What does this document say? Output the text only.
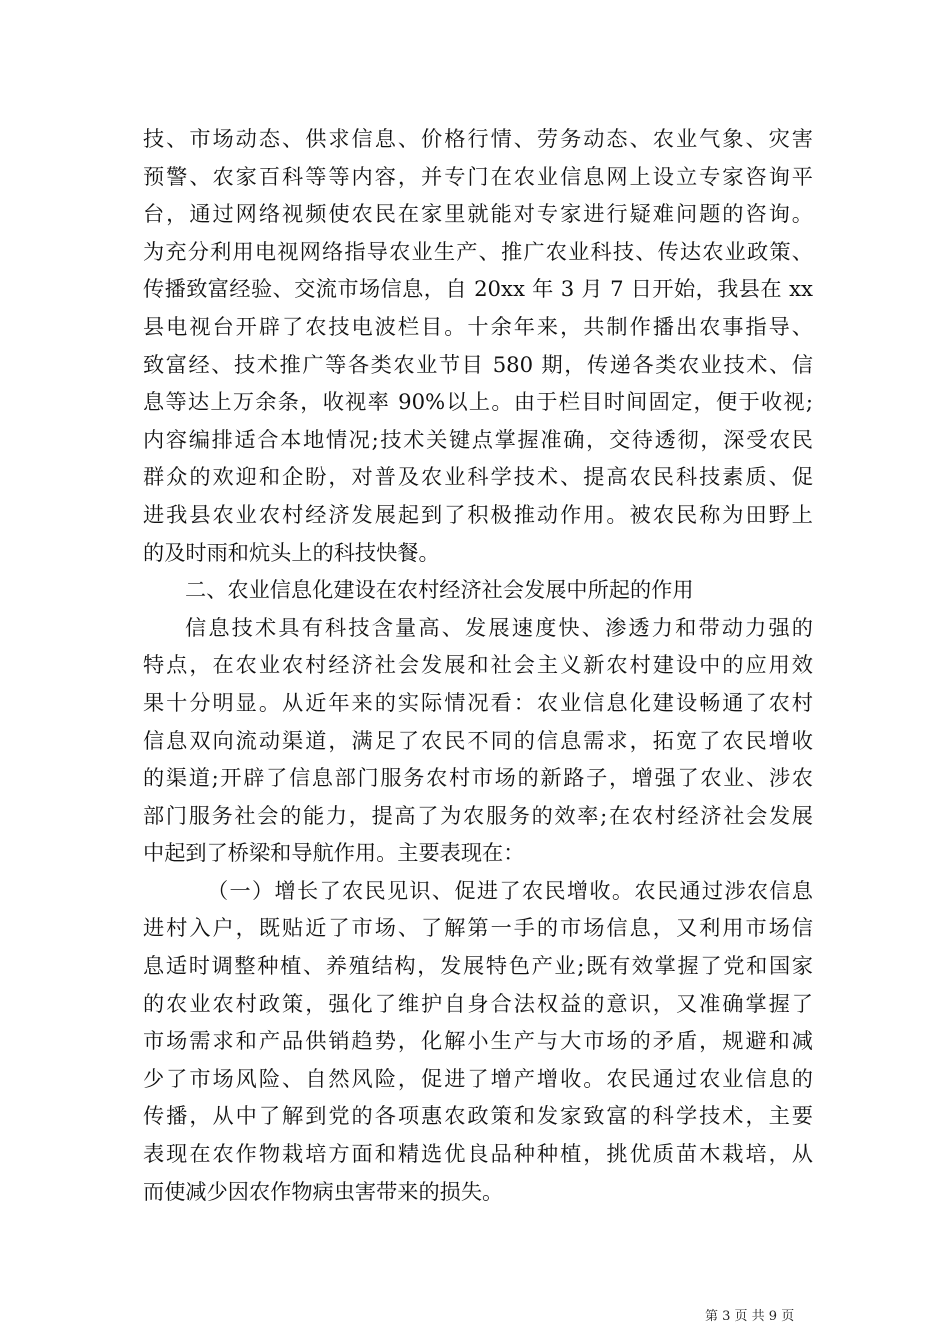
技、市场动态、供求信息、价格行情、劳务动态、农业气象、灾害
预警、农家百科等等内容，并专门在农业信息网上设立专家咨询平
台，通过网络视频使农民在家里就能对专家进行疑难问题的咨询。
为充分利用电视网络指导农业生产、推广农业科技、传达农业政策、
传播致富经验、交流市场信息，自 20xx 年 3 月 7 日开始，我县在 xx
县电视台开辟了农技电波栏目。十余年来，共制作播出农事指导、
致富经、技术推广等各类农业节目 580 期，传递各类农业技术、信
息等达上万余条，收视率 90%以上。由于栏目时间固定，便于收视;
内容编排适合本地情况;技术关键点掌握准确，交待透彻，深受农民
群众的欢迎和企盼，对普及农业科学技术、提高农民科技素质、促
进我县农业农村经济发展起到了积极推动作用。被农民称为田野上
的及时雨和炕头上的科技快餐。
二、农业信息化建设在农村经济社会发展中所起的作用
信息技术具有科技含量高、发展速度快、渗透力和带动力强的
特点，在农业农村经济社会发展和社会主义新农村建设中的应用效
果十分明显。从近年来的实际情况看：农业信息化建设畅通了农村
信息双向流动渠道，满足了农民不同的信息需求，拓宽了农民增收
的渠道;开辟了信息部门服务农村市场的新路子，增强了农业、涉农
部门服务社会的能力，提高了为农服务的效率;在农村经济社会发展
中起到了桥梁和导航作用。主要表现在：
（一）增长了农民见识、促进了农民增收。农民通过涉农信息
进村入户，既贴近了市场、了解第一手的市场信息，又利用市场信
息适时调整种植、养殖结构，发展特色产业;既有效掌握了党和国家
的农业农村政策，强化了维护自身合法权益的意识，又准确掌握了
市场需求和产品供销趋势，化解小生产与大市场的矛盾，规避和减
少了市场风险、自然风险，促进了增产增收。农民通过农业信息的
传播，从中了解到党的各项惠农政策和发家致富的科学技术，主要
表现在农作物栽培方面和精选优良品种种植，挑优质苗木栽培，从
而使减少因农作物病虫害带来的损失。
第 3 页 共 9 页
